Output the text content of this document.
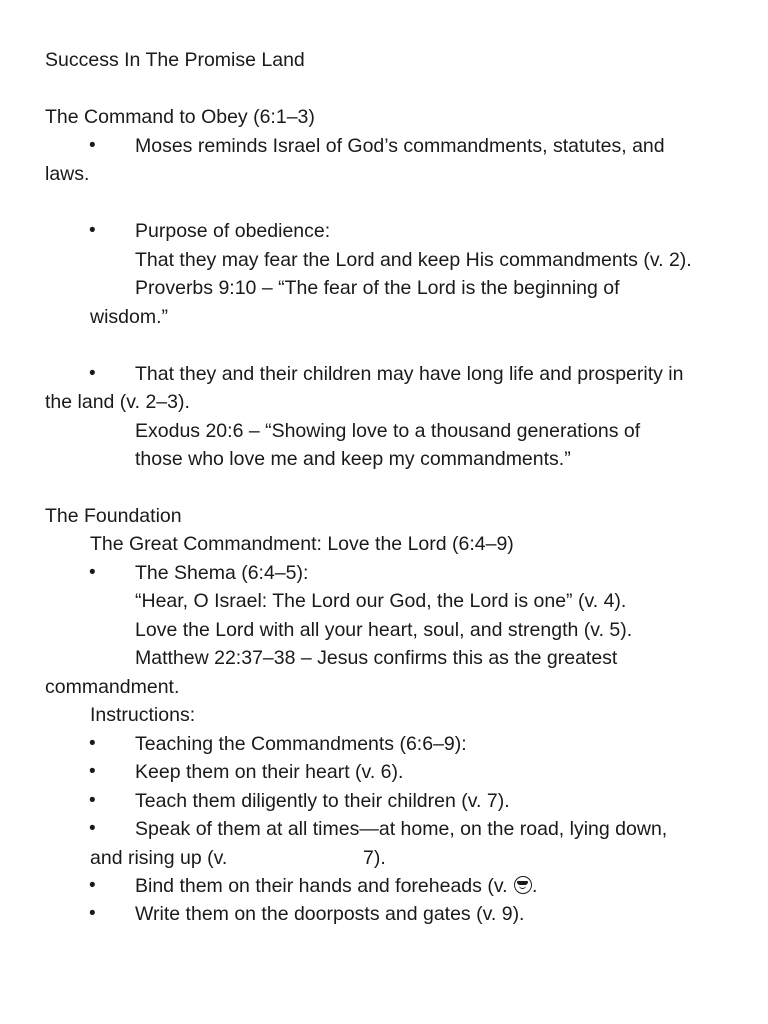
Success In The Promise Land
The Command to Obey (6:1–3)
• Moses reminds Israel of God’s commandments, statutes, and
laws.
• Purpose of obedience:
That they may fear the Lord and keep His commandments (v. 2).
Proverbs 9:10 – “The fear of the Lord is the beginning of
wisdom.”
• That they and their children may have long life and prosperity in
the land (v. 2–3).
Exodus 20:6 – “Showing love to a thousand generations of
those who love me and keep my commandments.”
The Foundation
The Great Commandment: Love the Lord (6:4–9)
• The Shema (6:4–5):
“Hear, O Israel: The Lord our God, the Lord is one” (v. 4).
Love the Lord with all your heart, soul, and strength (v. 5).
Matthew 22:37–38 – Jesus confirms this as the greatest
commandment.
Instructions:
• Teaching the Commandments (6:6–9):
• Keep them on their heart (v. 6).
• Teach them diligently to their children (v. 7).
• Speak of them at all times—at home, on the road, lying down,
and rising up (v.	7).
• Bind them on their hands and foreheads (v. .
• Write them on the doorposts and gates (v. 9).
